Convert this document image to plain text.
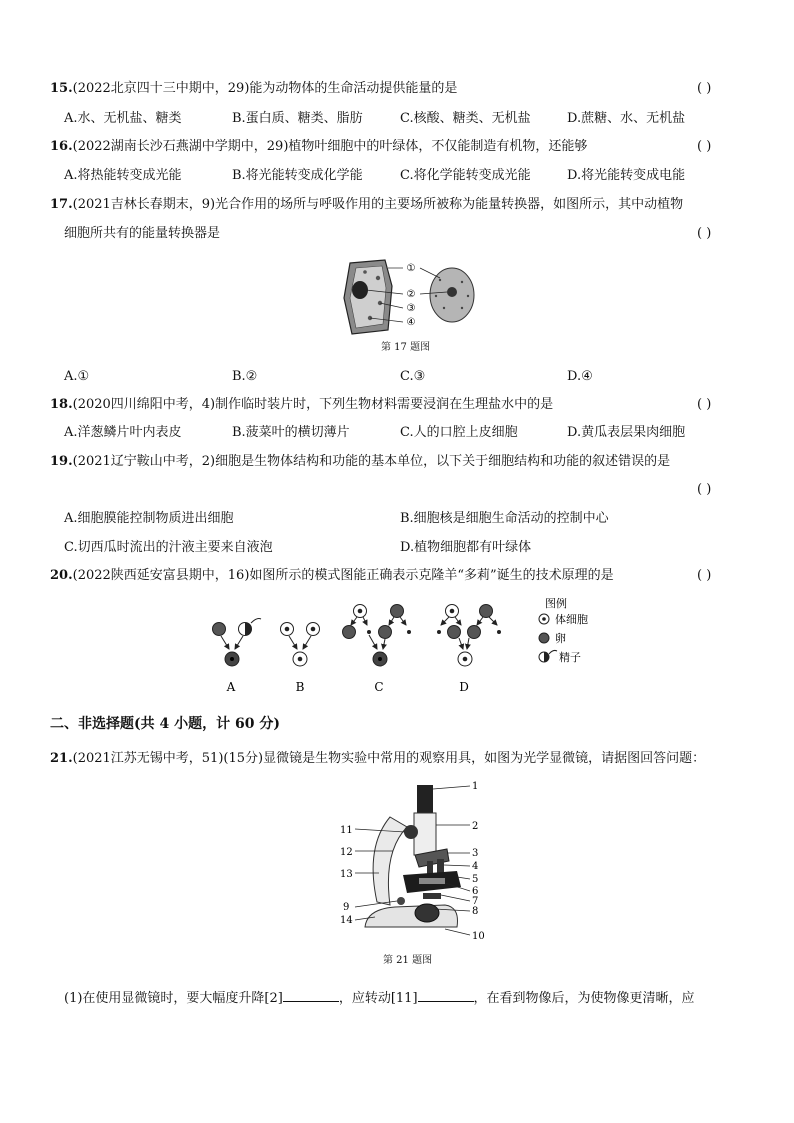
15.(2022北京四十三中期中，29)能为动物体的生命活动提供能量的是	( )
A.水、无机盐、糖类	B.蛋白质、糖类、脂肪	C.核酸、糖类、无机盐	D.蔗糖、水、无机盐
16.(2022湖南长沙石燕湖中学期中，29)植物叶细胞中的叶绿体，不仅能制造有机物，还能够	( )
A.将热能转变成光能	B.将光能转变成化学能	C.将化学能转变成光能	D.将光能转变成电能
17.(2021吉林长春期末，9)光合作用的场所与呼吸作用的主要场所被称为能量转换器，如图所示，其中动植物
细胞所共有的能量转换器是	( )
①
②
③
④
第 17 题图
A.①	B.②	C.③	D.④
18.(2020四川绵阳中考，4)制作临时装片时，下列生物材料需要浸润在生理盐水中的是	( )
A.洋葱鳞片叶内表皮	B.菠菜叶的横切薄片	C.人的口腔上皮细胞	D.黄瓜表层果肉细胞
19.(2021辽宁鞍山中考，2)细胞是生物体结构和功能的基本单位，以下关于细胞结构和功能的叙述错误的是
( )
A.细胞膜能控制物质进出细胞	B.细胞核是细胞生命活动的控制中心
C.切西瓜时流出的汁液主要来自液泡	D.植物细胞都有叶绿体
20.(2022陕西延安富县期中，16)如图所示的模式图能正确表示克隆羊“多莉”诞生的技术原理的是	( )
A	B	C	D
图例
体细胞
卵
精子
二、非选择题(共 4 小题，计 60 分)
21.(2021江苏无锡中考，51)(15分)显微镜是生物实验中常用的观察用具，如图为光学显微镜，请据图回答问题：
1
2
3
4
5
6
7
8
9
10
11
12
13
14
第 21 题图
(1)在使用显微镜时，要大幅度升降[2]	，应转动[11]	，在看到物像后，为使物像更清晰，应
